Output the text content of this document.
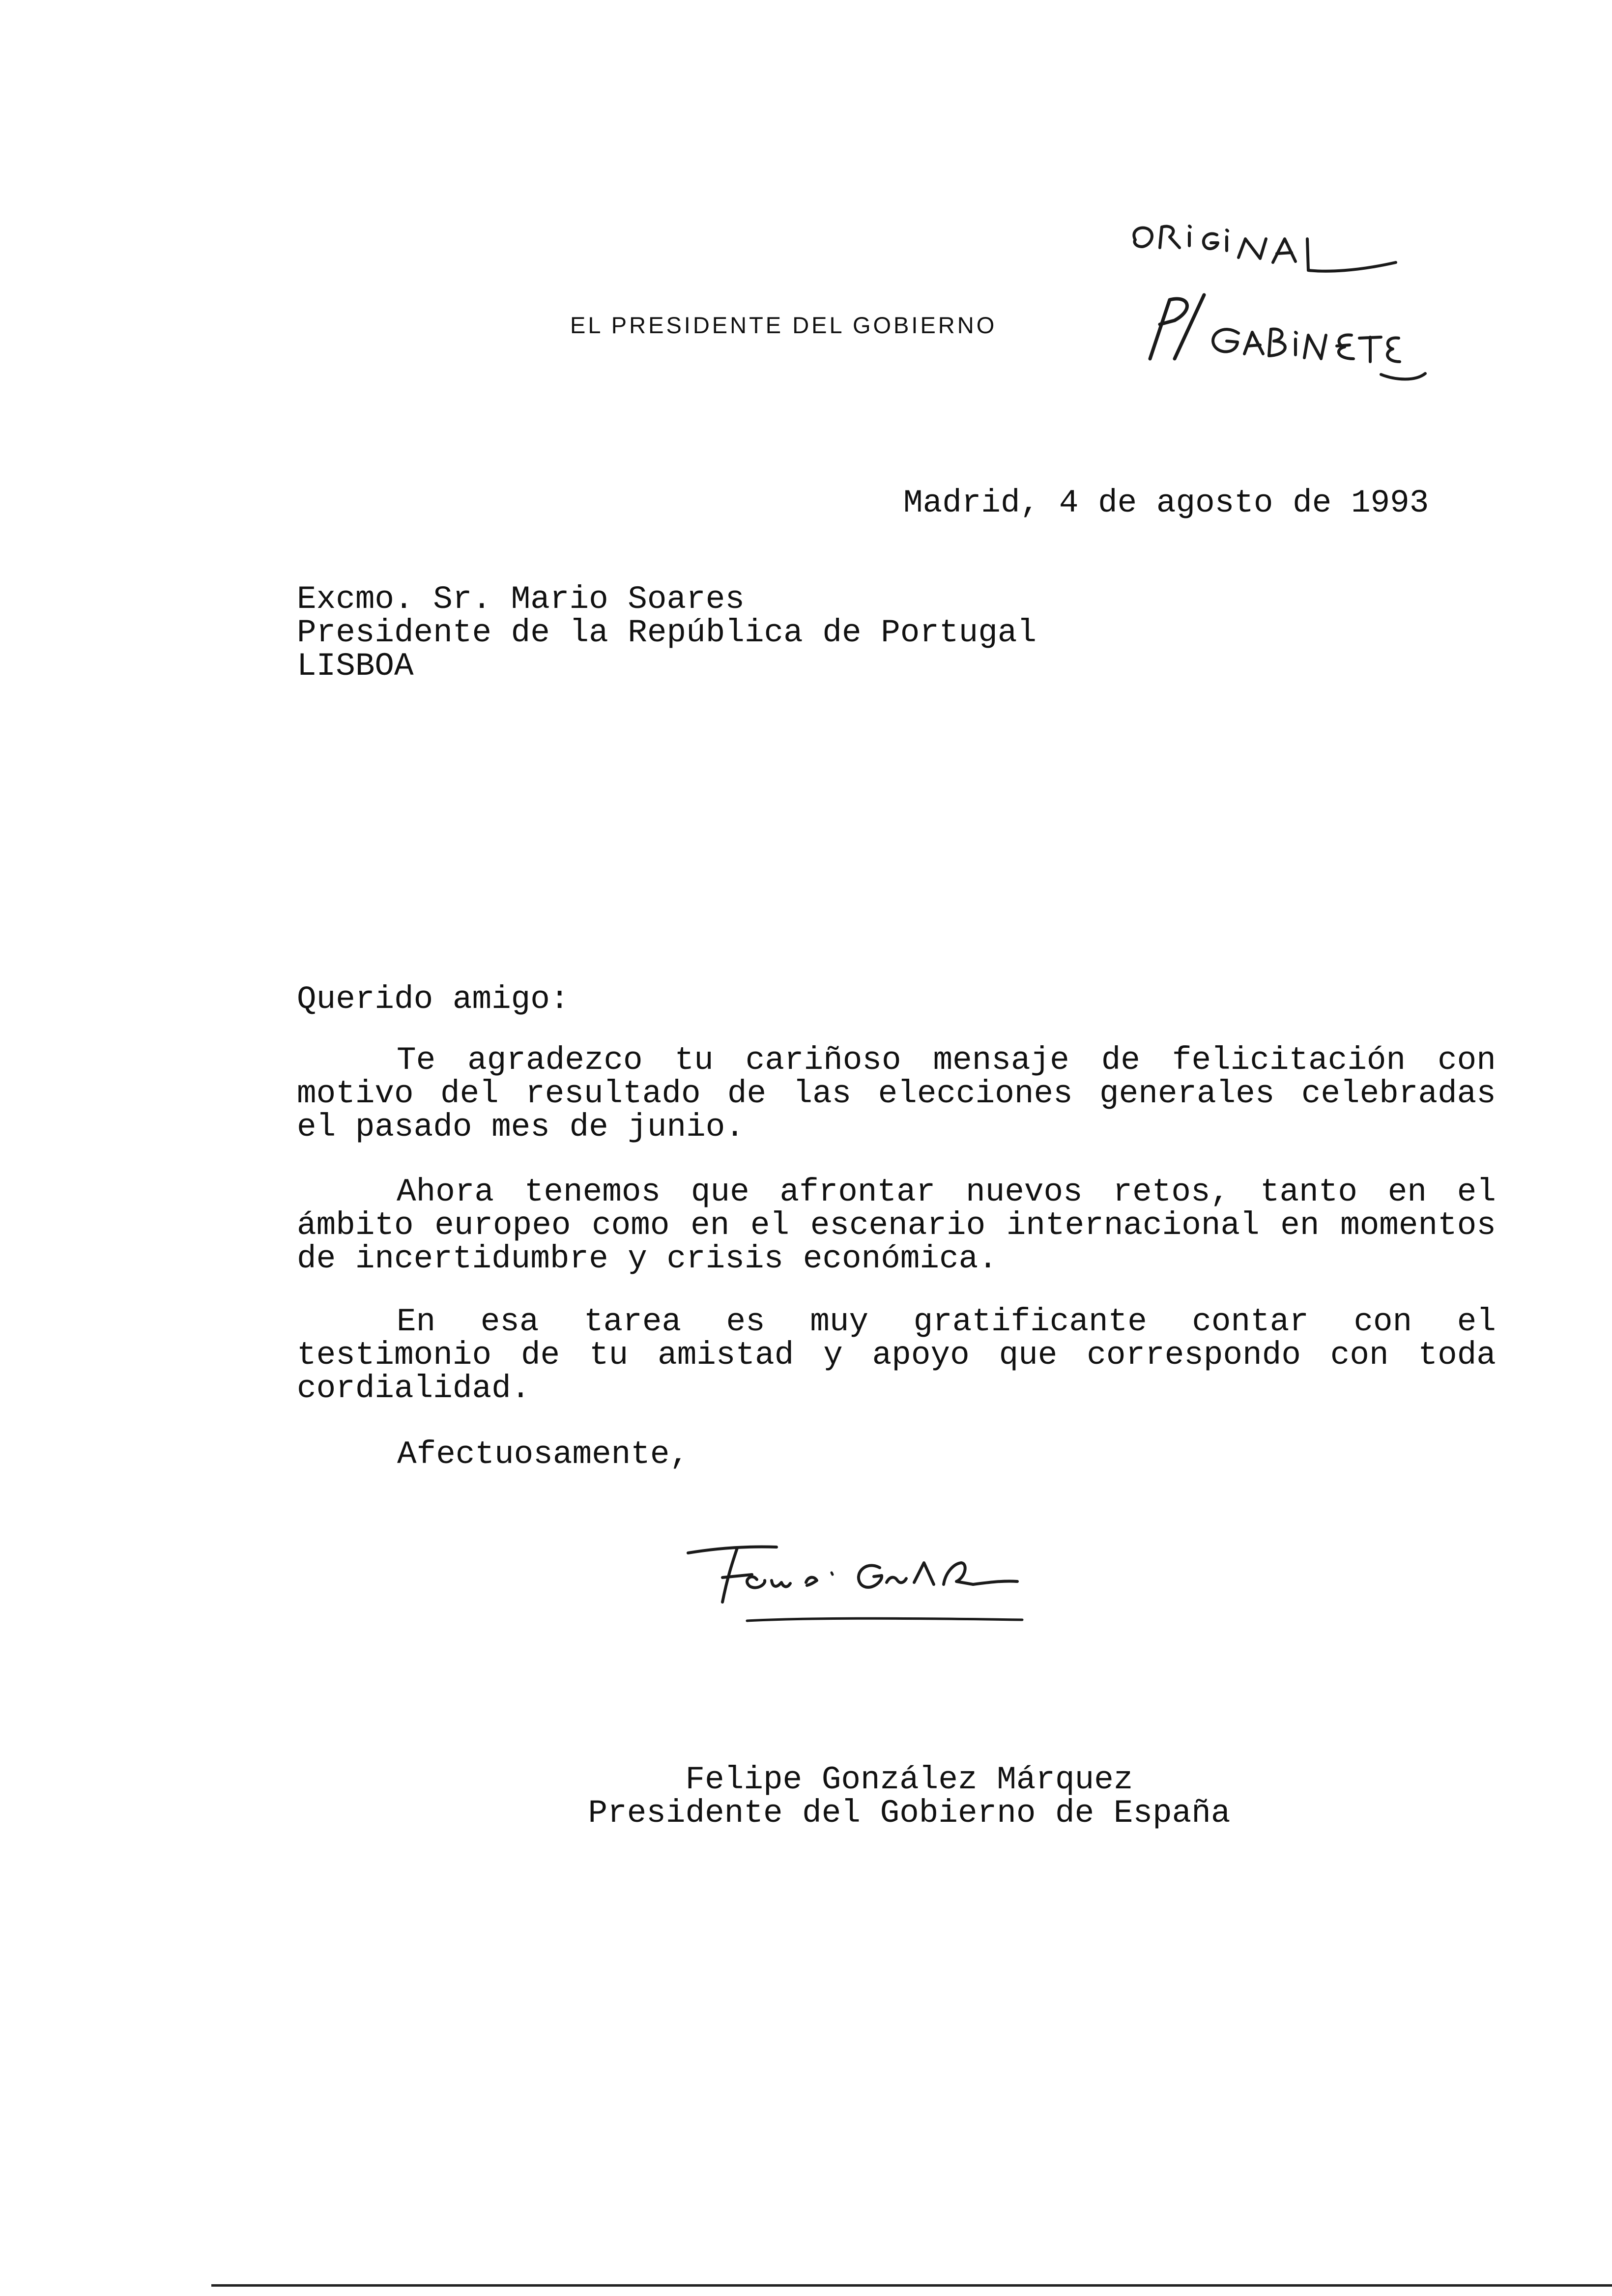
EL PRESIDENTE DEL GOBIERNO
Madrid, 4 de agosto de 1993
Excmo. Sr. Mario Soares
Presidente de la República de Portugal
LISBOA
Querido amigo:
Te agradezco tu cariñoso mensaje de felicitación con
motivo del resultado de las elecciones generales celebradas
el pasado mes de junio.
Ahora tenemos que afrontar nuevos retos, tanto en el
ámbito europeo como en el escenario internacional en momentos
de incertidumbre y crisis económica.
En esa tarea es muy gratificante contar con el
testimonio de tu amistad y apoyo que correspondo con toda
cordialidad.
Afectuosamente,
Felipe González Márquez
Presidente del Gobierno de España
